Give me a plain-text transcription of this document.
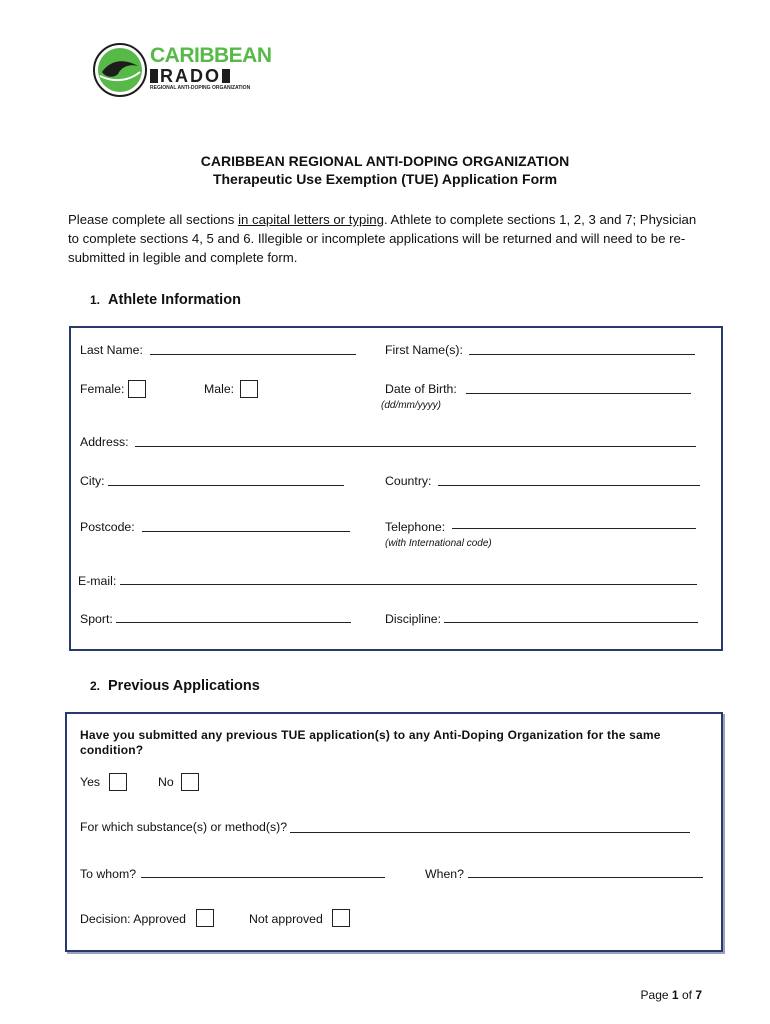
CARIBBEAN
RADO
REGIONAL ANTI-DOPING ORGANIZATION
CARIBBEAN REGIONAL ANTI-DOPING ORGANIZATION
Therapeutic Use Exemption (TUE) Application Form
Please complete all sections in capital letters or typing. Athlete to complete sections 1, 2, 3 and 7; Physician to complete sections 4, 5 and 6. Illegible or incomplete applications will be returned and will need to be re-submitted in legible and complete form.
1. Athlete Information
Last Name:	First Name(s):
Female:	Male:	Date of Birth:
(dd/mm/yyyy)
Address:
City:	Country:
Postcode:	Telephone:
(with International code)
E-mail:
Sport:	Discipline:
2. Previous Applications
Have you submitted any previous TUE application(s) to any Anti-Doping Organization for the same condition?
Yes	No
For which substance(s) or method(s)?
To whom?	When?
Decision: Approved	Not approved
Page 1 of 7
